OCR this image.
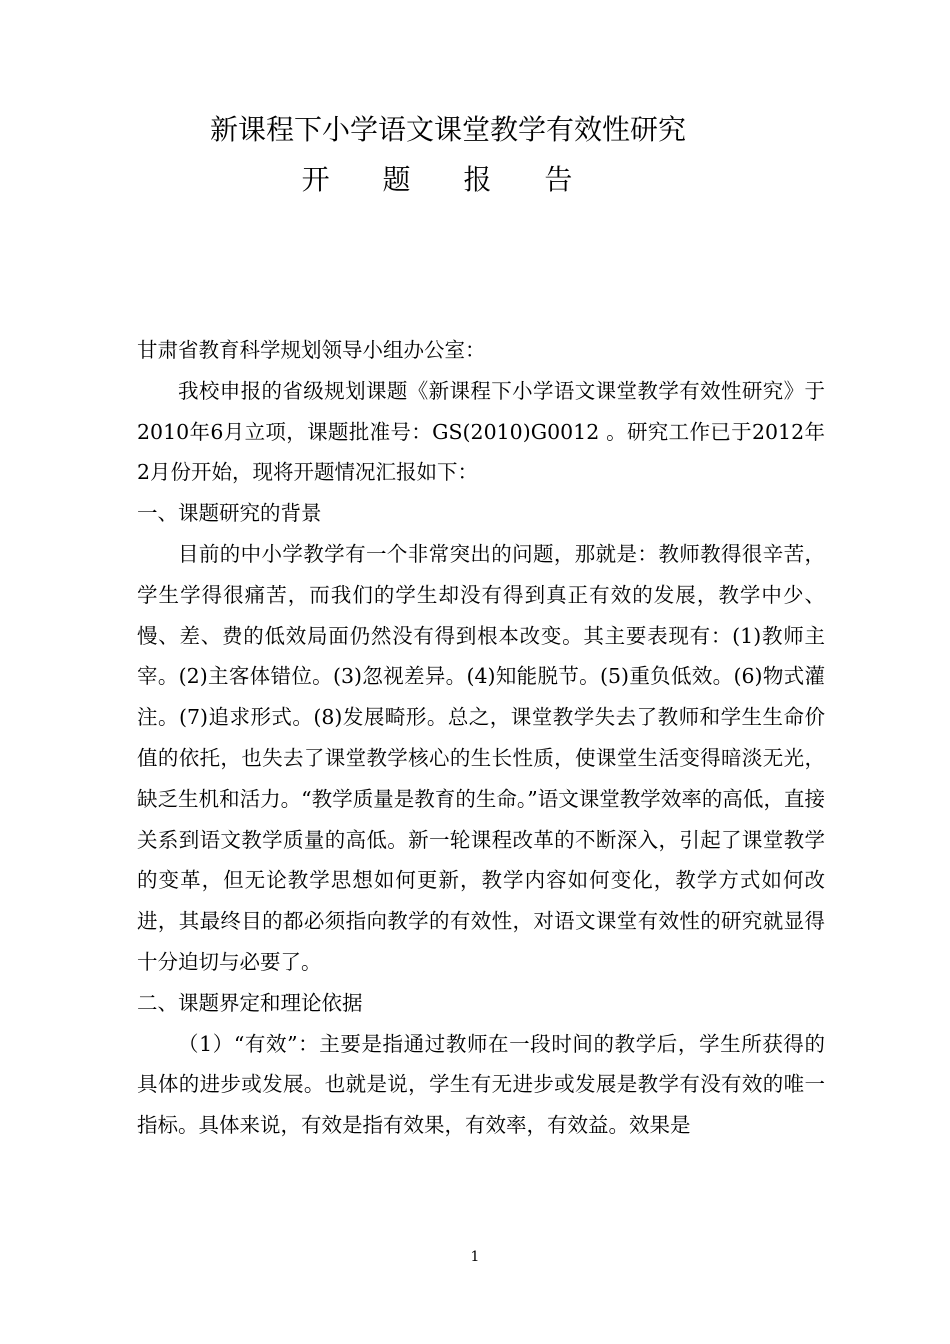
新课程下小学语文课堂教学有效性研究
开 题 报 告

甘肃省教育科学规划领导小组办公室：

我校申报的省级规划课题《新课程下小学语文课堂教学有效性研究》于2010年6月立项，课题批准号：GS(2010)G0012 。研究工作已于2012年2月份开始，现将开题情况汇报如下：

一、课题研究的背景

目前的中小学教学有一个非常突出的问题，那就是：教师教得很辛苦，学生学得很痛苦，而我们的学生却没有得到真正有效的发展，教学中少、慢、差、费的低效局面仍然没有得到根本改变。其主要表现有：(1)教师主宰。(2)主客体错位。(3)忽视差异。(4)知能脱节。(5)重负低效。(6)物式灌注。(7)追求形式。(8)发展畸形。总之，课堂教学失去了教师和学生生命价值的依托，也失去了课堂教学核心的生长性质，使课堂生活变得暗淡无光，缺乏生机和活力。“教学质量是教育的生命。”语文课堂教学效率的高低，直接关系到语文教学质量的高低。新一轮课程改革的不断深入，引起了课堂教学的变革，但无论教学思想如何更新，教学内容如何变化，教学方式如何改进，其最终目的都必须指向教学的有效性，对语文课堂有效性的研究就显得十分迫切与必要了。

二、课题界定和理论依据

（1）“有效”：主要是指通过教师在一段时间的教学后，学生所获得的具体的进步或发展。也就是说，学生有无进步或发展是教学有没有效的唯一指标。具体来说，有效是指有效果，有效率，有效益。效果是

1
